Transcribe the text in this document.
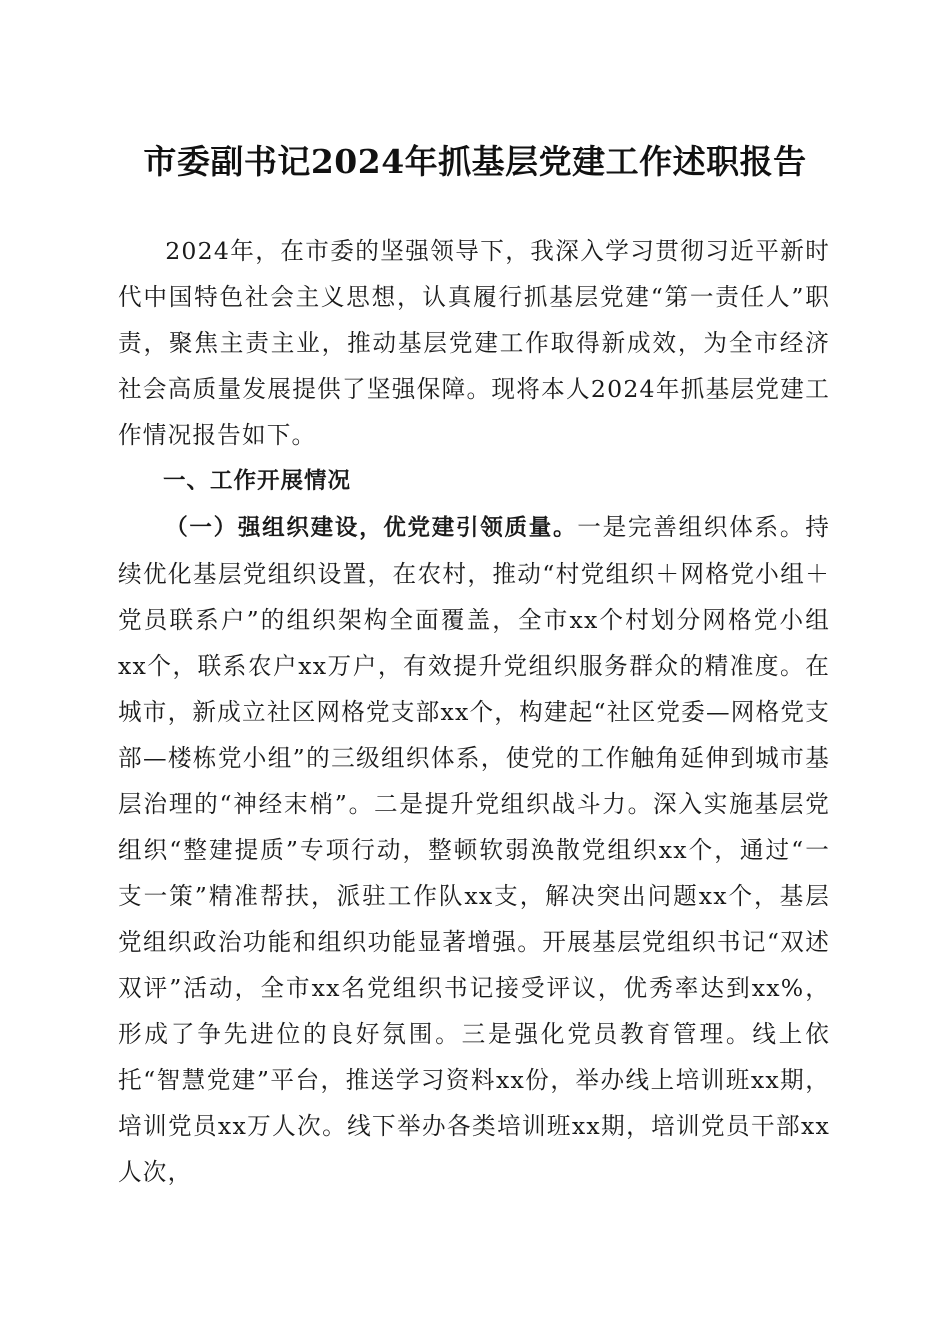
市委副书记2024年抓基层党建工作述职报告

2024年，在市委的坚强领导下，我深入学习贯彻习近平新时代中国特色社会主义思想，认真履行抓基层党建“第一责任人”职责，聚焦主责主业，推动基层党建工作取得新成效，为全市经济社会高质量发展提供了坚强保障。现将本人2024年抓基层党建工作情况报告如下。

一、工作开展情况

（一）强组织建设，优党建引领质量。一是完善组织体系。持续优化基层党组织设置，在农村，推动“村党组织＋网格党小组＋党员联系户”的组织架构全面覆盖，全市xx个村划分网格党小组xx个，联系农户xx万户，有效提升党组织服务群众的精准度。在城市，新成立社区网格党支部xx个，构建起“社区党委—网格党支部—楼栋党小组”的三级组织体系，使党的工作触角延伸到城市基层治理的“神经末梢”。二是提升党组织战斗力。深入实施基层党组织“整建提质”专项行动，整顿软弱涣散党组织xx个，通过“一支一策”精准帮扶，派驻工作队xx支，解决突出问题xx个，基层党组织政治功能和组织功能显著增强。开展基层党组织书记“双述双评”活动，全市xx名党组织书记接受评议，优秀率达到xx%，形成了争先进位的良好氛围。三是强化党员教育管理。线上依托“智慧党建”平台，推送学习资料xx份，举办线上培训班xx期，培训党员xx万人次。线下举办各类培训班xx期，培训党员干部xx人次，
